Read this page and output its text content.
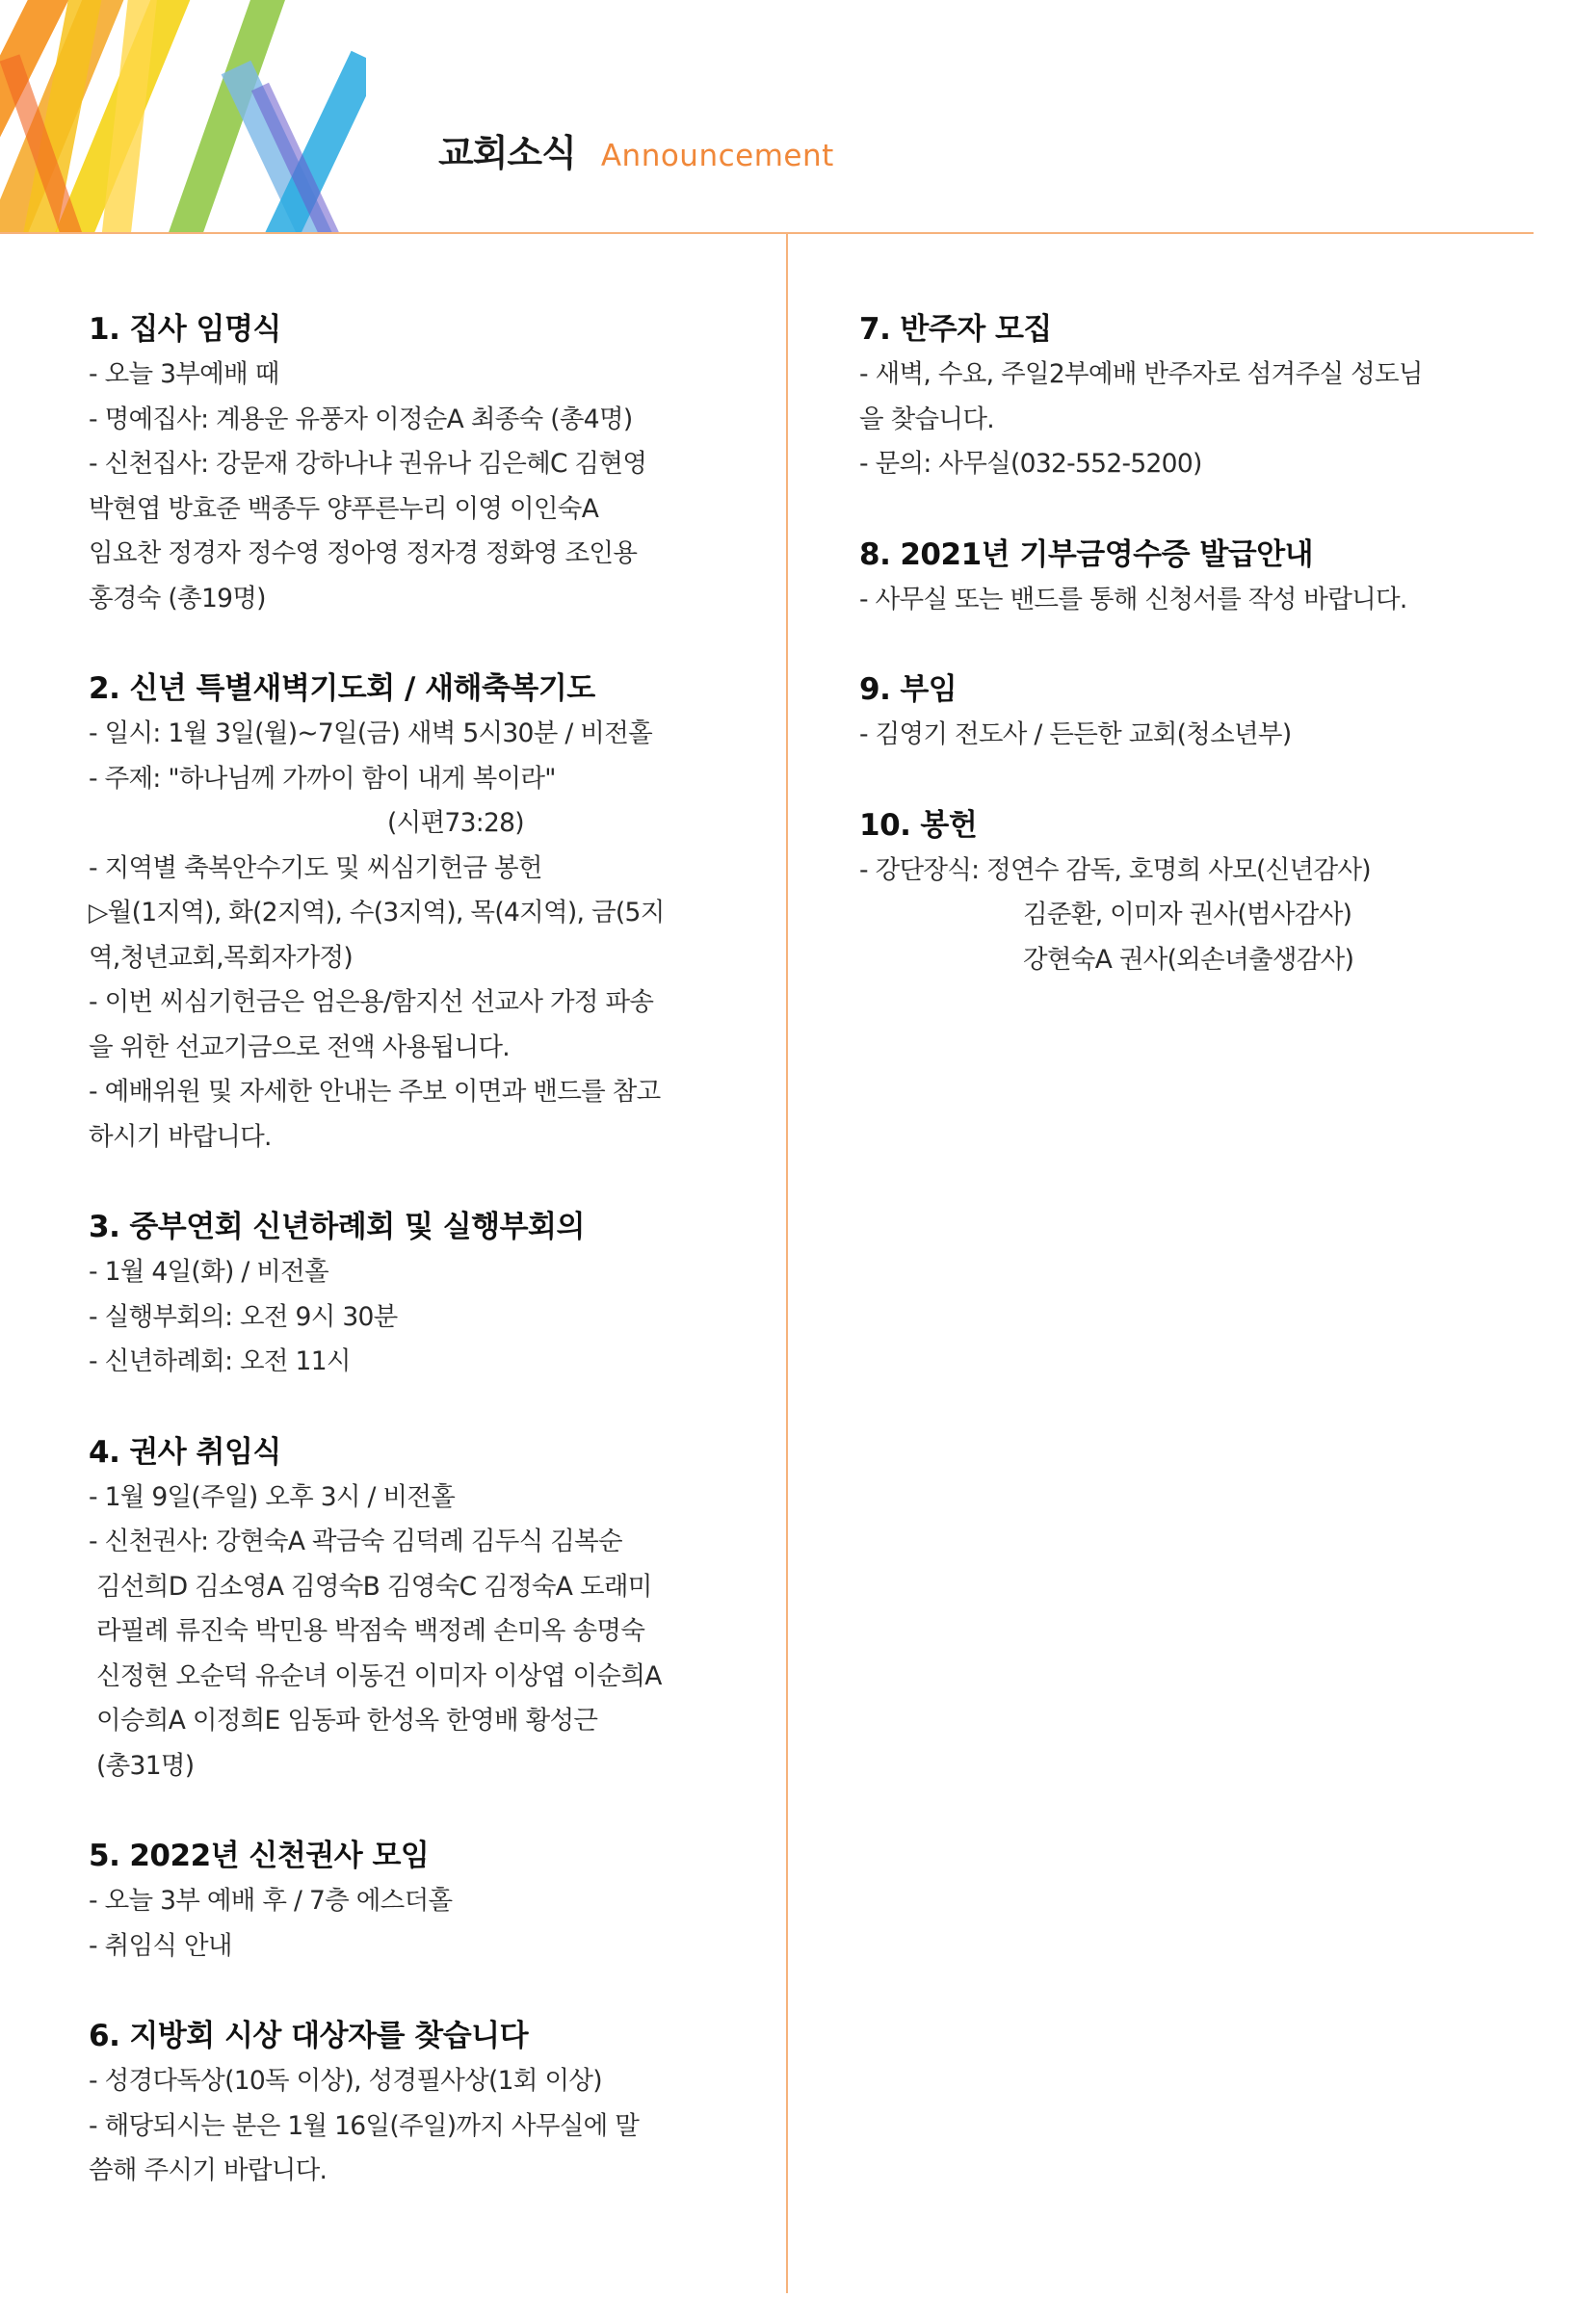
교회소식 Announcement
1. 집사 임명식
- 오늘 3부예배 때
- 명예집사: 계용운 유풍자 이정순A 최종숙 (총4명)
- 신천집사: 강문재 강하나냐 권유나 김은혜C 김현영
박현엽 방효준 백종두 양푸른누리 이영 이인숙A
임요찬 정경자 정수영 정아영 정자경 정화영 조인용
홍경숙 (총19명)
2. 신년 특별새벽기도회 / 새해축복기도
- 일시: 1월 3일(월)~7일(금) 새벽 5시30분 / 비전홀
- 주제: "하나님께 가까이 함이 내게 복이라"
(시편73:28)
- 지역별 축복안수기도 및 씨심기헌금 봉헌
▷월(1지역), 화(2지역), 수(3지역), 목(4지역), 금(5지
역,청년교회,목회자가정)
- 이번 씨심기헌금은 엄은용/함지선 선교사 가정 파송
을 위한 선교기금으로 전액 사용됩니다.
- 예배위원 및 자세한 안내는 주보 이면과 밴드를 참고
하시기 바랍니다.
3. 중부연회 신년하례회 및 실행부회의
- 1월 4일(화) / 비전홀
- 실행부회의: 오전 9시 30분
- 신년하례회: 오전 11시
4. 권사 취임식
- 1월 9일(주일) 오후 3시 / 비전홀
- 신천권사: 강현숙A 곽금숙 김덕례 김두식 김복순
김선희D 김소영A 김영숙B 김영숙C 김정숙A 도래미
라필례 류진숙 박민용 박점숙 백정례 손미옥 송명숙
신정현 오순덕 유순녀 이동건 이미자 이상엽 이순희A
이승희A 이정희E 임동파 한성옥 한영배 황성근
(총31명)
5. 2022년 신천권사 모임
- 오늘 3부 예배 후 / 7층 에스더홀
- 취임식 안내
6. 지방회 시상 대상자를 찾습니다
- 성경다독상(10독 이상), 성경필사상(1회 이상)
- 해당되시는 분은 1월 16일(주일)까지 사무실에 말
씀해 주시기 바랍니다.
7. 반주자 모집
- 새벽, 수요, 주일2부예배 반주자로 섬겨주실 성도님
을 찾습니다.
- 문의: 사무실(032-552-5200)
8. 2021년 기부금영수증 발급안내
- 사무실 또는 밴드를 통해 신청서를 작성 바랍니다.
9. 부임
- 김영기 전도사 / 든든한 교회(청소년부)
10. 봉헌
- 강단장식: 정연수 감독, 호명희 사모(신년감사)
김준환, 이미자 권사(범사감사)
강현숙A 권사(외손녀출생감사)
